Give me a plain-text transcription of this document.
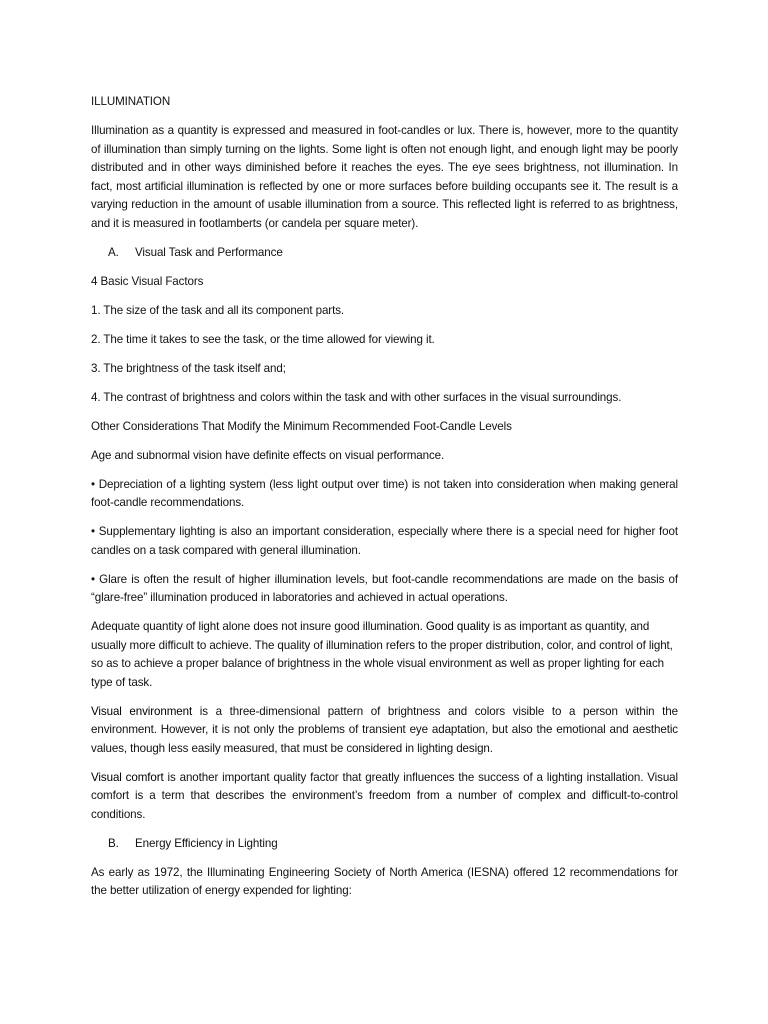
ILLUMINATION

Illumination as a quantity is expressed and measured in foot-candles or lux. There is, however, more to the quantity of illumination than simply turning on the lights. Some light is often not enough light, and enough light may be poorly distributed and in other ways diminished before it reaches the eyes. The eye sees brightness, not illumination. In fact, most artificial illumination is reflected by one or more surfaces before building occupants see it. The result is a varying reduction in the amount of usable illumination from a source. This reflected light is referred to as brightness, and it is measured in footlamberts (or candela per square meter).

A. Visual Task and Performance

4 Basic Visual Factors

1. The size of the task and all its component parts.

2. The time it takes to see the task, or the time allowed for viewing it.

3. The brightness of the task itself and;

4. The contrast of brightness and colors within the task and with other surfaces in the visual surroundings.

Other Considerations That Modify the Minimum Recommended Foot-Candle Levels

Age and subnormal vision have definite effects on visual performance.

• Depreciation of a lighting system (less light output over time) is not taken into consideration when making general foot-candle recommendations.

• Supplementary lighting is also an important consideration, especially where there is a special need for higher foot candles on a task compared with general illumination.

• Glare is often the result of higher illumination levels, but foot-candle recommendations are made on the basis of “glare-free” illumination produced in laboratories and achieved in actual operations.

Adequate quantity of light alone does not insure good illumination. Good quality is as important as quantity, and usually more difficult to achieve. The quality of illumination refers to the proper distribution, color, and control of light, so as to achieve a proper balance of brightness in the whole visual environment as well as proper lighting for each type of task.

Visual environment is a three-dimensional pattern of brightness and colors visible to a person within the environment. However, it is not only the problems of transient eye adaptation, but also the emotional and aesthetic values, though less easily measured, that must be considered in lighting design.

Visual comfort is another important quality factor that greatly influences the success of a lighting installation. Visual comfort is a term that describes the environment’s freedom from a number of complex and difficult-to-control conditions.

B. Energy Efficiency in Lighting

As early as 1972, the Illuminating Engineering Society of North America (IESNA) offered 12 recommendations for the better utilization of energy expended for lighting:
